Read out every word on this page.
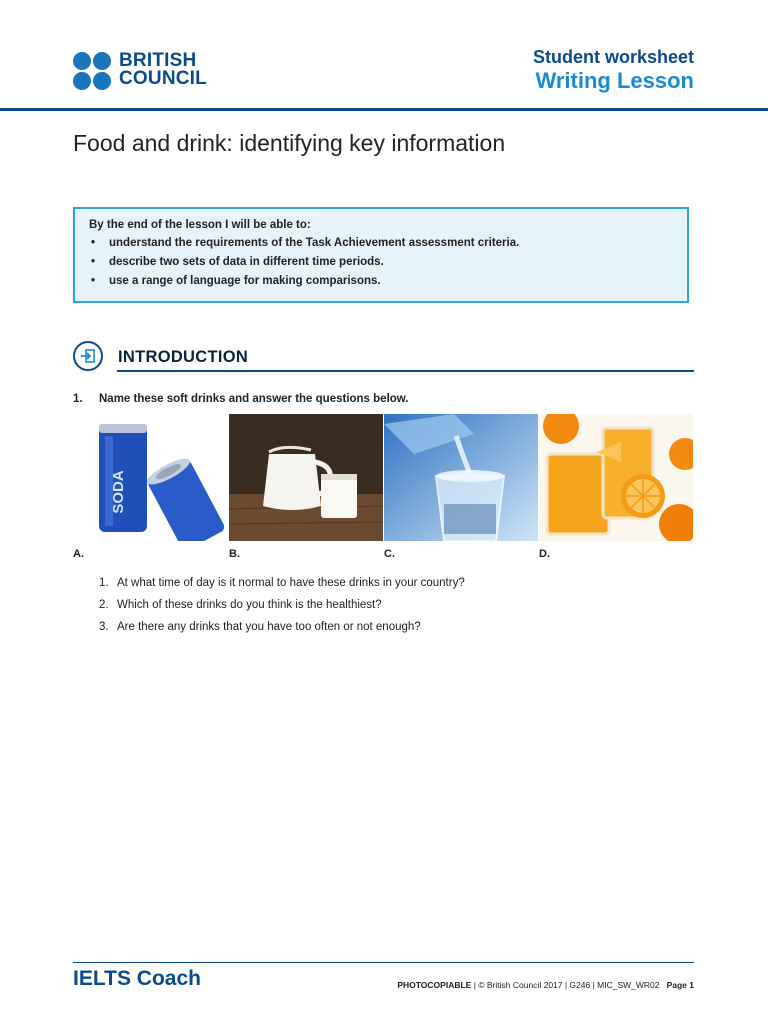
BRITISH
COUNCIL
Student worksheet
Writing Lesson
Food and drink: identifying key information
By the end of the lesson I will be able to:
• understand the requirements of the Task Achievement assessment criteria.
• describe two sets of data in different time periods.
• use a range of language for making comparisons.
INTRODUCTION
1. Name these soft drinks and answer the questions below.
SODA
A.	B.	C.	D.
1. At what time of day is it normal to have these drinks in your country?
2. Which of these drinks do you think is the healthiest?
3. Are there any drinks that you have too often or not enough?
IELTS Coach	PHOTOCOPIABLE | © British Council 2017 | G246 | MIC_SW_WR02 Page 1
